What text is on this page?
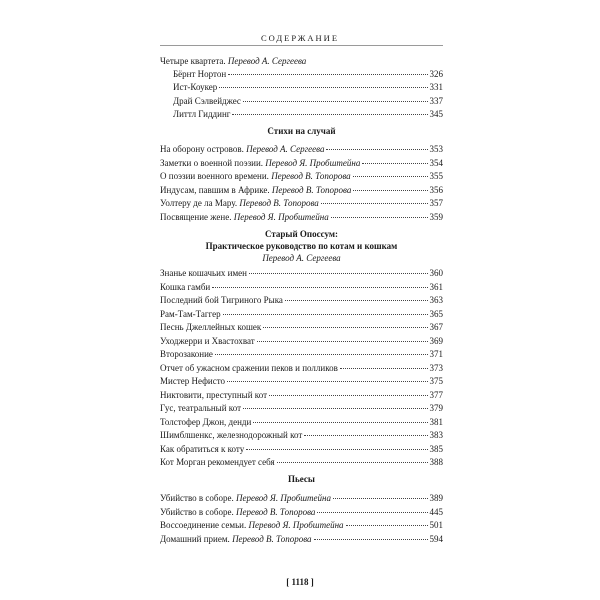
СОДЕРЖАНИЕ
Четыре квартета. Перевод А. Сергеева
Бёрнт Нортон	326
Ист-Коукер	331
Драй Сэлвейджес	337
Литтл Гиддинг	345
Стихи на случай
На оборону островов. Перевод А. Сергеева	353
Заметки о военной поэзии. Перевод Я. Пробштейна	354
О поэзии военного времени. Перевод В. Топорова	355
Индусам, павшим в Африке. Перевод В. Топорова	356
Уолтеру де ла Мару. Перевод В. Топорова	357
Посвящение жене. Перевод Я. Пробштейна	359
Старый Опоссум:
Практическое руководство по котам и кошкам
Перевод А. Сергеева
Знанье кошачьих имен	360
Кошка гамби	361
Последний бой Тигриного Рыка	363
Рам-Там-Таггер	365
Песнь Джеллейных кошек	367
Уходжерри и Хвастохват	369
Второзаконие	371
Отчет об ужасном сражении пеков и полликов	373
Мистер Нефисто	375
Никтовити, преступный кот	377
Гус, театральный кот	379
Толстофер Джон, денди	381
Шимблшенкс, железнодорожный кот	383
Как обратиться к коту	385
Кот Морган рекомендует себя	388
Пьесы
Убийство в соборе. Перевод Я. Пробштейна	389
Убийство в соборе. Перевод В. Топорова	445
Воссоединение семьи. Перевод Я. Пробштейна	501
Домашний прием. Перевод В. Топорова	594
[ 1118 ]
